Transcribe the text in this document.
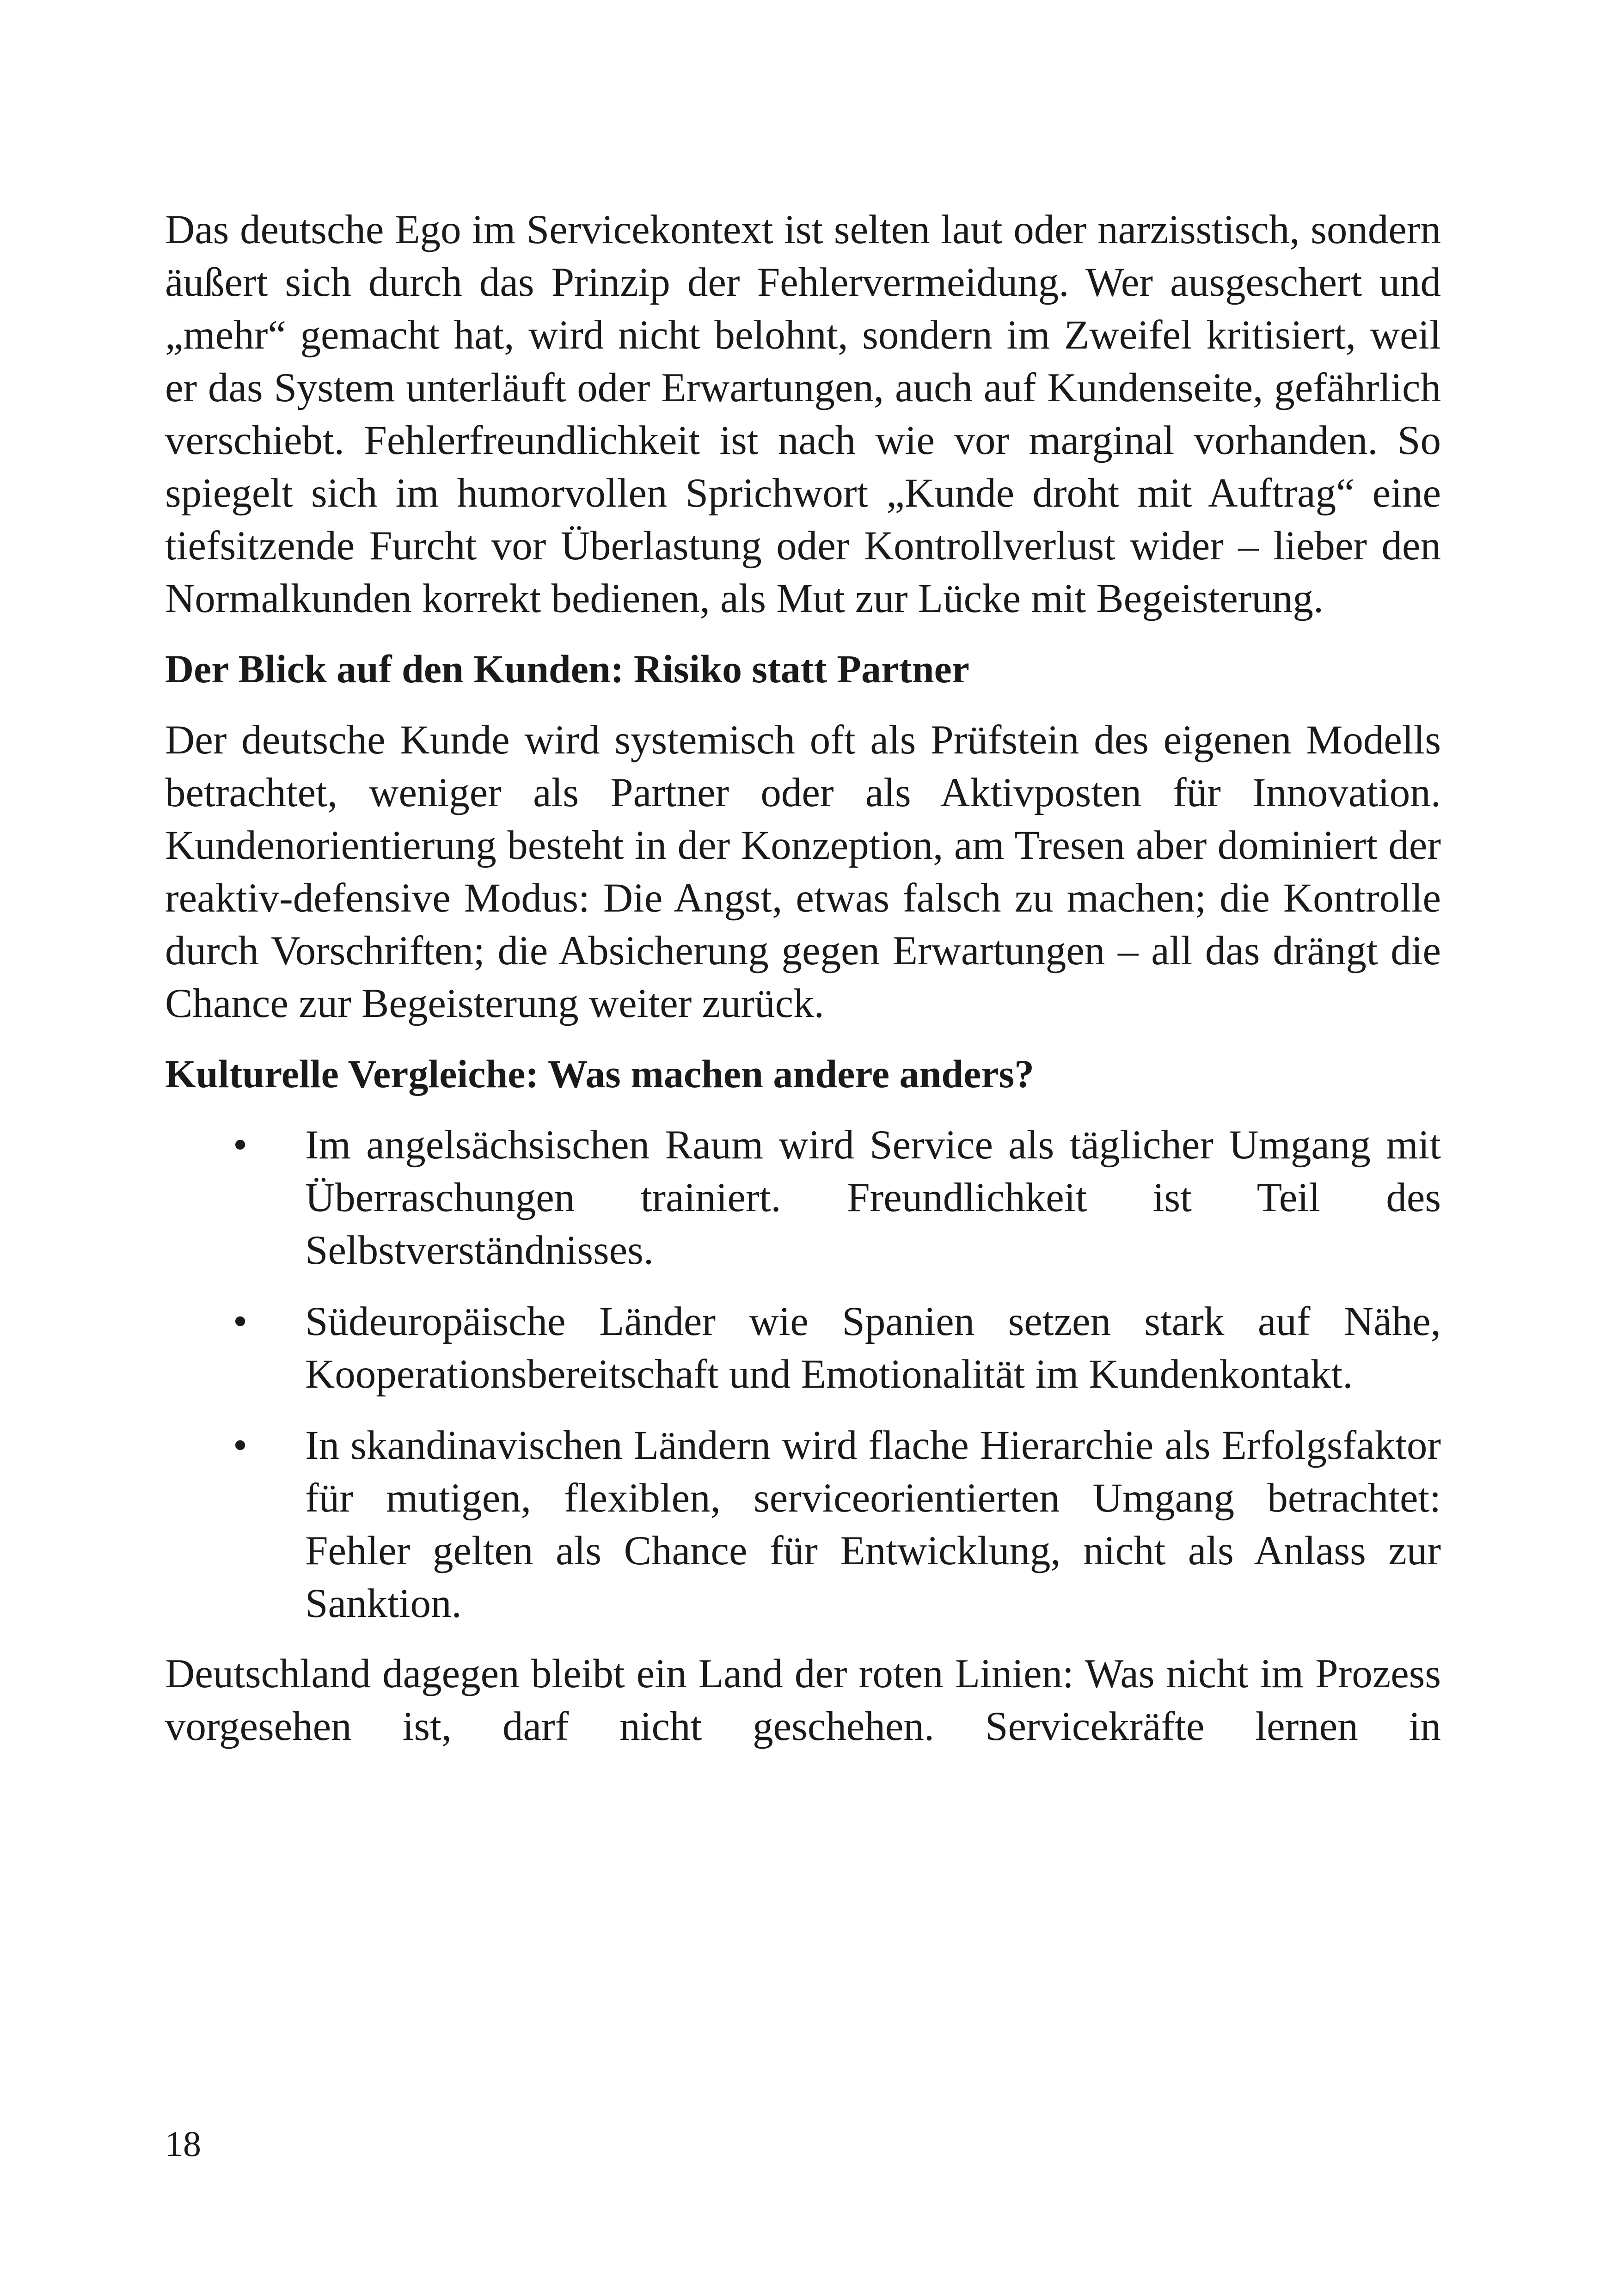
Das deutsche Ego im Servicekontext ist selten laut oder narzisstisch, sondern äußert sich durch das Prinzip der Fehlervermeidung. Wer ausgeschert und „mehr“ gemacht hat, wird nicht belohnt, sondern im Zweifel kritisiert, weil er das System unterläuft oder Erwartungen, auch auf Kundenseite, gefährlich verschiebt. Fehlerfreundlichkeit ist nach wie vor marginal vorhanden. So spiegelt sich im humorvollen Sprichwort „Kunde droht mit Auftrag“ eine tiefsitzende Furcht vor Überlastung oder Kontrollverlust wider – lieber den Normalkunden korrekt bedienen, als Mut zur Lücke mit Begeisterung.

Der Blick auf den Kunden: Risiko statt Partner

Der deutsche Kunde wird systemisch oft als Prüfstein des eigenen Modells betrachtet, weniger als Partner oder als Aktivposten für Innovation. Kundenorientierung besteht in der Konzeption, am Tresen aber dominiert der reaktiv-defensive Modus: Die Angst, etwas falsch zu machen; die Kontrolle durch Vorschriften; die Absicherung gegen Erwartungen – all das drängt die Chance zur Begeisterung weiter zurück.

Kulturelle Vergleiche: Was machen andere anders?
• Im angelsächsischen Raum wird Service als täglicher Umgang mit Überraschungen trainiert. Freundlichkeit ist Teil des Selbstverständnisses.
• Südeuropäische Länder wie Spanien setzen stark auf Nähe, Kooperationsbereitschaft und Emotionalität im Kundenkontakt.
• In skandinavischen Ländern wird flache Hierarchie als Erfolgsfaktor für mutigen, flexiblen, serviceorientierten Umgang betrachtet: Fehler gelten als Chance für Entwicklung, nicht als Anlass zur Sanktion.

Deutschland dagegen bleibt ein Land der roten Linien: Was nicht im Prozess vorgesehen ist, darf nicht geschehen. Servicekräfte lernen in

18
